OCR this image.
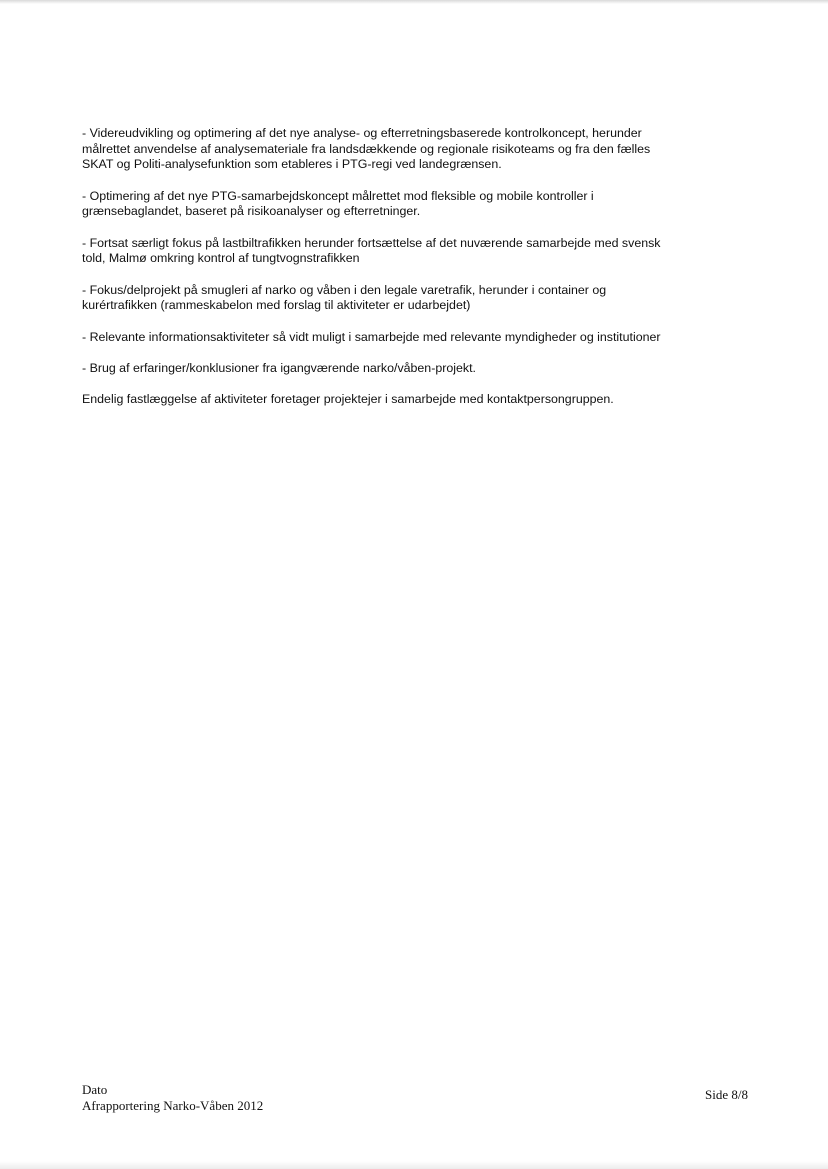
- Videreudvikling og optimering af det nye analyse- og efterretningsbaserede kontrolkoncept, herunder
målrettet anvendelse af analysemateriale fra landsdækkende og regionale risikoteams og fra den fælles
SKAT og Politi-analysefunktion som etableres i PTG-regi ved landegrænsen.

- Optimering af det nye PTG-samarbejdskoncept målrettet mod fleksible og mobile kontroller i
grænsebaglandet, baseret på risikoanalyser og efterretninger.

- Fortsat særligt fokus på lastbiltrafikken herunder fortsættelse af det nuværende samarbejde med svensk
told, Malmø omkring kontrol af tungtvognstrafikken

- Fokus/delprojekt på smugleri af narko og våben i den legale varetrafik, herunder i container og
kurértrafikken (rammeskabelon med forslag til aktiviteter er udarbejdet)

- Relevante informationsaktiviteter så vidt muligt i samarbejde med relevante myndigheder og institutioner

- Brug af erfaringer/konklusioner fra igangværende narko/våben-projekt.

Endelig fastlæggelse af aktiviteter foretager projektejer i samarbejde med kontaktpersongruppen.

Dato
Afrapportering Narko-Våben 2012
Side 8/8
